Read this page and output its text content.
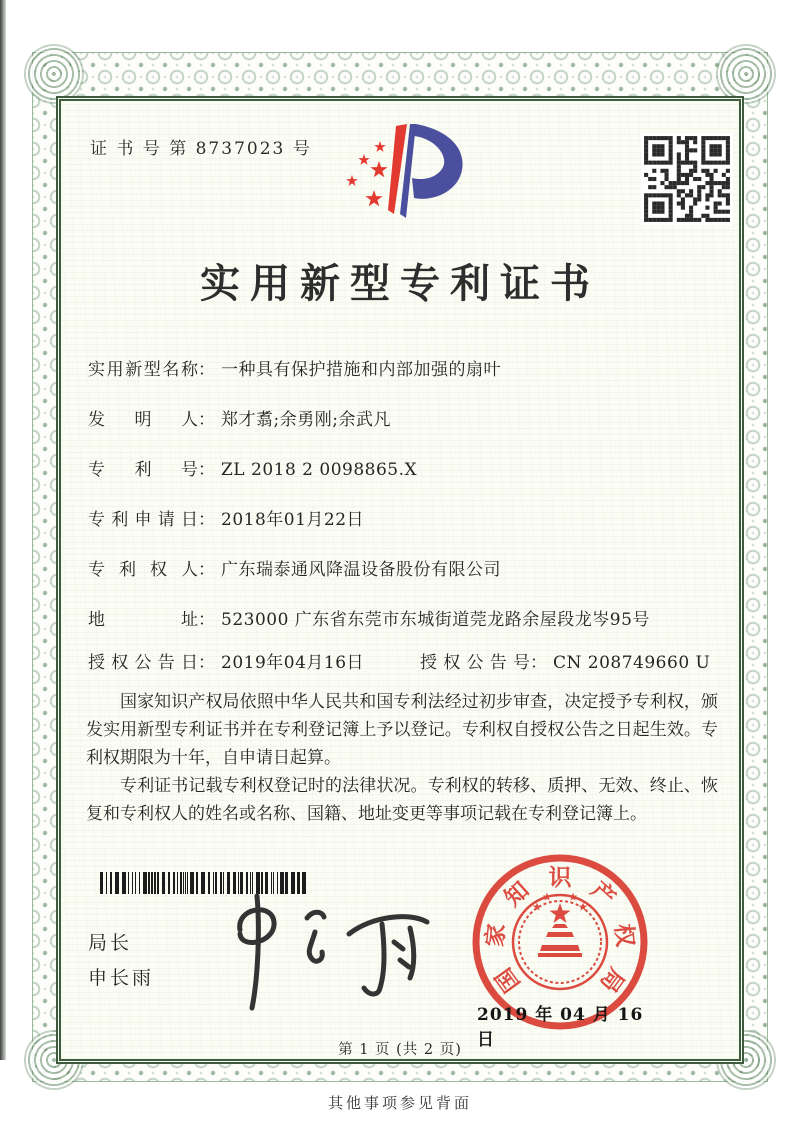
证 书 号 第 8737023 号
实用新型专利证书
实用新型名称： 一种具有保护措施和内部加强的扇叶
发明人： 郑才翥;余勇刚;余武凡
专利号： ZL 2018 2 0098865.X
专利申请日： 2018年01月22日
专利权人： 广东瑞泰通风降温设备股份有限公司
地址： 523000 广东省东莞市东城街道莞龙路余屋段龙岑95号
授权公告日： 2019年04月16日	授权公告号： CN 208749660 U

国家知识产权局依照中华人民共和国专利法经过初步审查，决定授予专利权，颁发实用新型专利证书并在专利登记簿上予以登记。专利权自授权公告之日起生效。专利权期限为十年，自申请日起算。

专利证书记载专利权登记时的法律状况。专利权的转移、质押、无效、终止、恢复和专利权人的姓名或名称、国籍、地址变更等事项记载在专利登记簿上。

局长
申长雨	国
家
知 识 产
权
局
2019 年 04 月 16 日
第 1 页 (共 2 页)
其他事项参见背面
